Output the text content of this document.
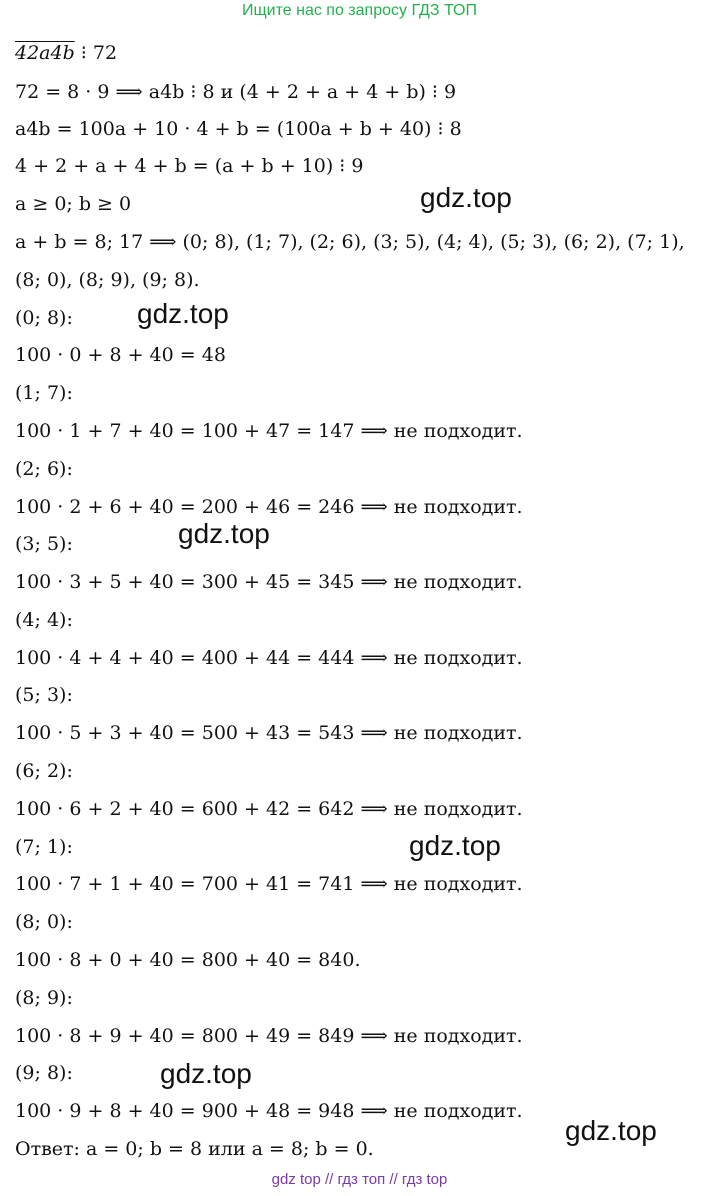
Ищите нас по запросу ГДЗ ТОП
42a4b ⁝ 72
72 = 8 · 9 ⟹ a4b ⁝ 8 и (4 + 2 + a + 4 + b) ⁝ 9
a4b = 100a + 10 · 4 + b = (100a + b + 40) ⁝ 8
4 + 2 + a + 4 + b = (a + b + 10) ⁝ 9
a ≥ 0; b ≥ 0
a + b = 8; 17 ⟹ (0; 8), (1; 7), (2; 6), (3; 5), (4; 4), (5; 3), (6; 2), (7; 1),
(8; 0), (8; 9), (9; 8).
(0; 8):
100 · 0 + 8 + 40 = 48
(1; 7):
100 · 1 + 7 + 40 = 100 + 47 = 147 ⟹ не подходит.
(2; 6):
100 · 2 + 6 + 40 = 200 + 46 = 246 ⟹ не подходит.
(3; 5):
100 · 3 + 5 + 40 = 300 + 45 = 345 ⟹ не подходит.
(4; 4):
100 · 4 + 4 + 40 = 400 + 44 = 444 ⟹ не подходит.
(5; 3):
100 · 5 + 3 + 40 = 500 + 43 = 543 ⟹ не подходит.
(6; 2):
100 · 6 + 2 + 40 = 600 + 42 = 642 ⟹ не подходит.
(7; 1):
100 · 7 + 1 + 40 = 700 + 41 = 741 ⟹ не подходит.
(8; 0):
100 · 8 + 0 + 40 = 800 + 40 = 840.
(8; 9):
100 · 8 + 9 + 40 = 800 + 49 = 849 ⟹ не подходит.
(9; 8):
100 · 9 + 8 + 40 = 900 + 48 = 948 ⟹ не подходит.
Ответ: a = 0; b = 8 или a = 8; b = 0.
gdz.top
gdz.top
gdz.top
gdz.top
gdz.top
gdz.top
gdz top // гдз топ // гдз top
